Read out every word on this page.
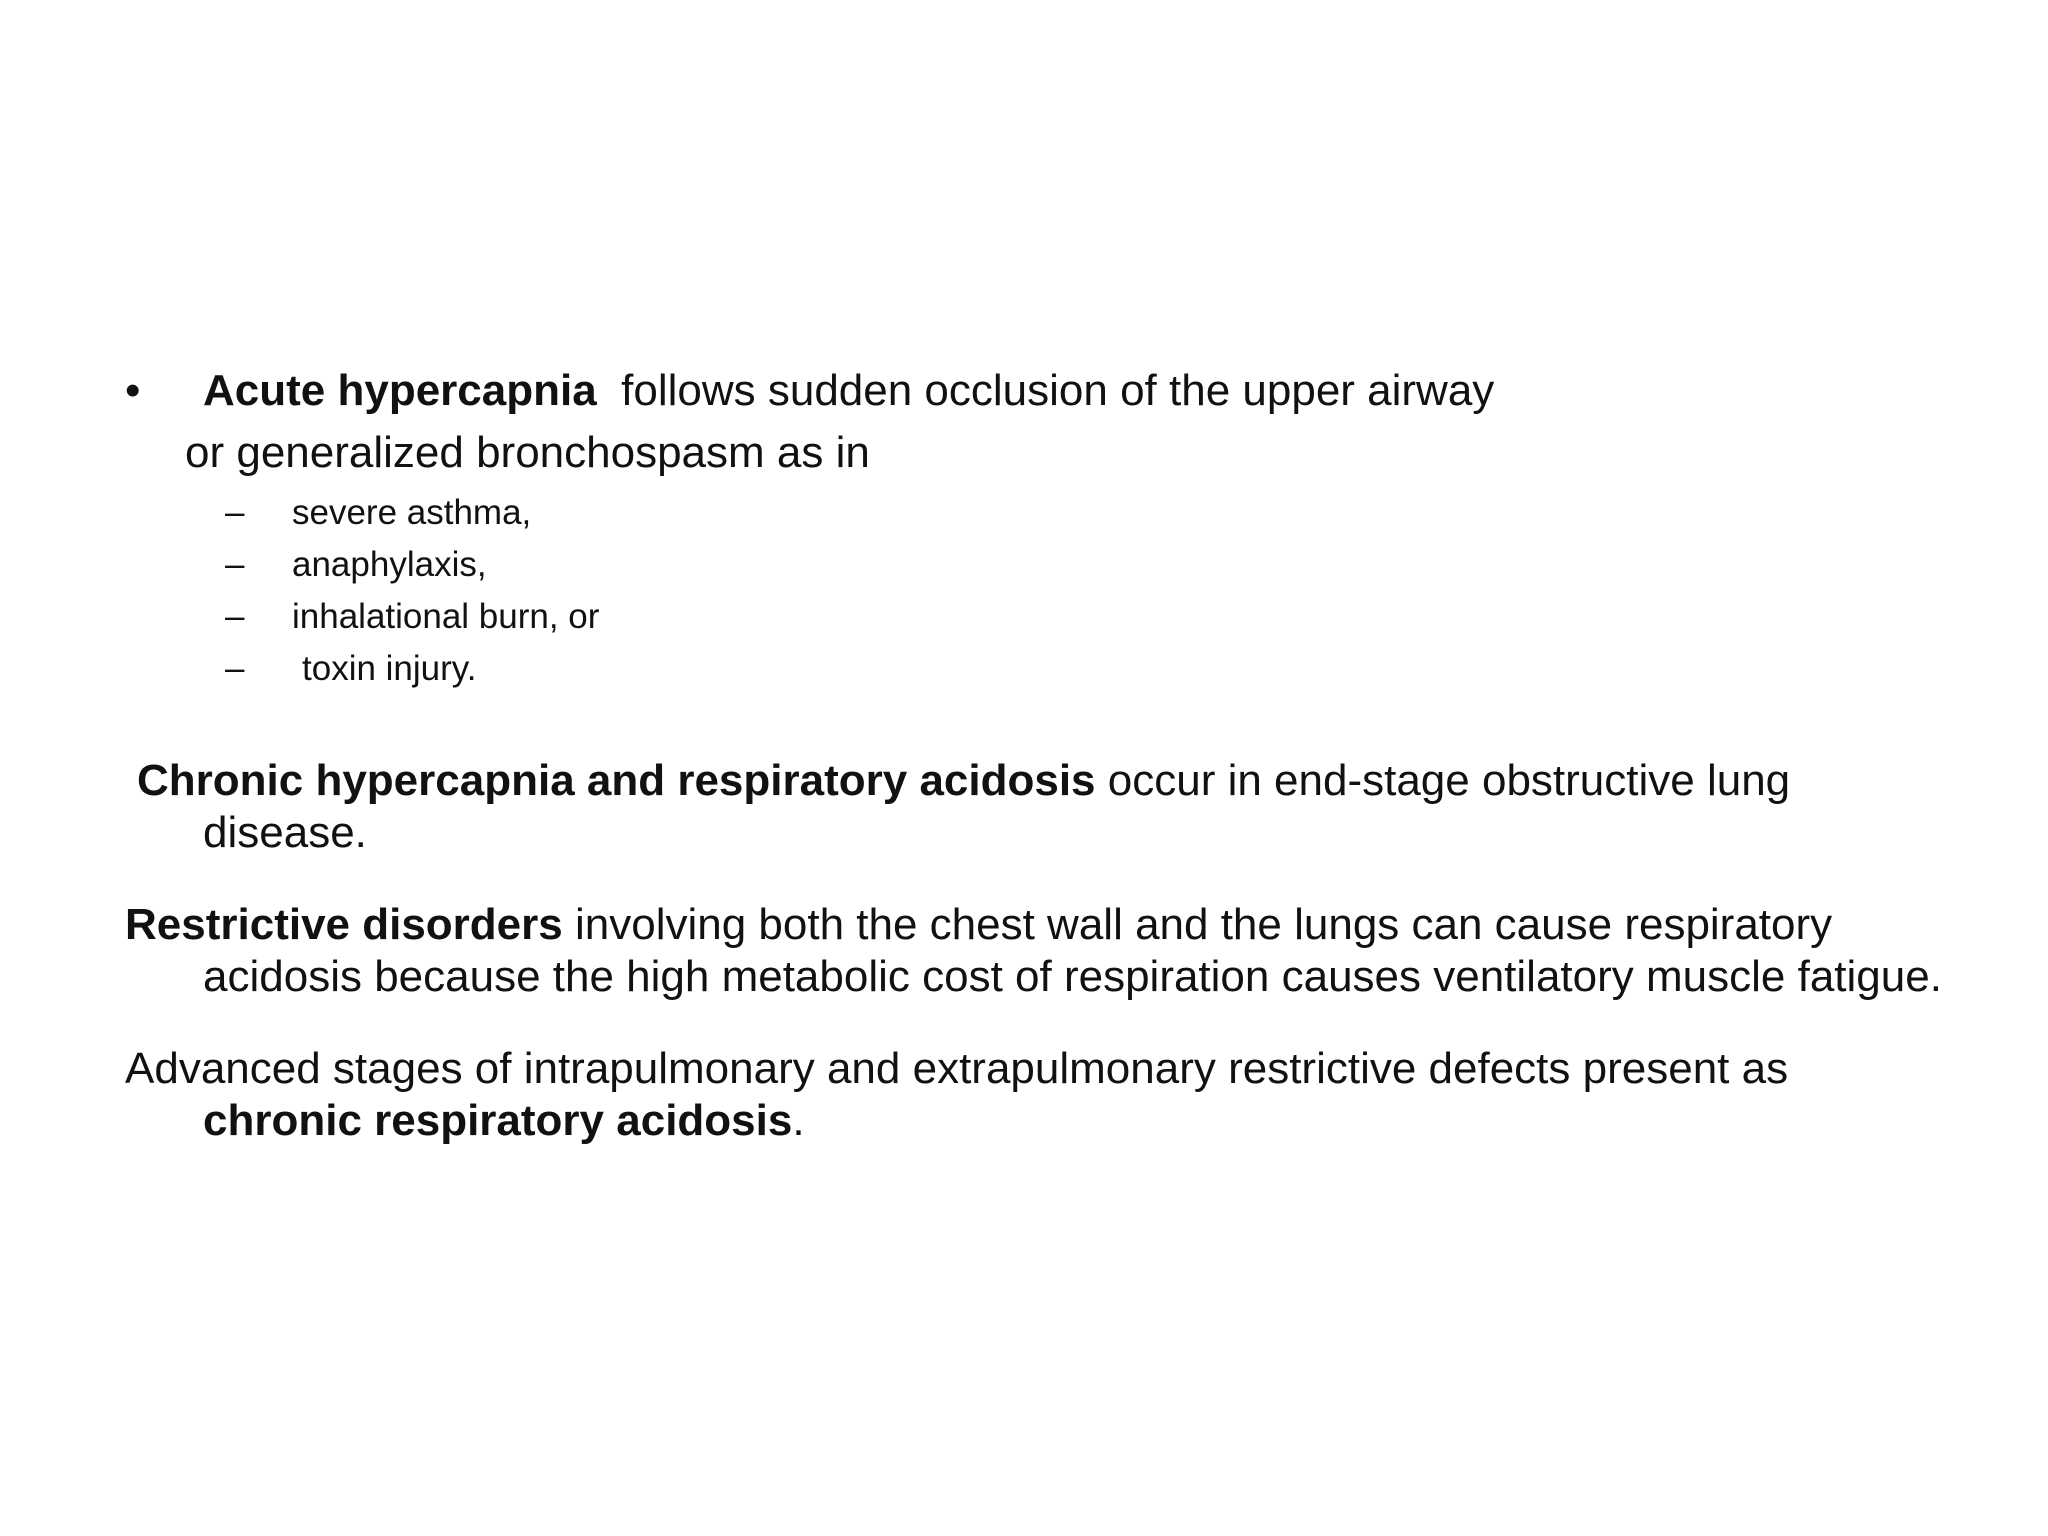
•	Acute hypercapnia  follows sudden occlusion of the upper airway
or generalized bronchospasm as in
– severe asthma,
– anaphylaxis,
– inhalational burn, or
– toxin injury.
Chronic hypercapnia and respiratory acidosis occur in end-stage obstructive lung disease.
Restrictive disorders involving both the chest wall and the lungs can cause respiratory acidosis because the high metabolic cost of respiration causes ventilatory muscle fatigue.
Advanced stages of intrapulmonary and extrapulmonary restrictive defects present as chronic respiratory acidosis.
